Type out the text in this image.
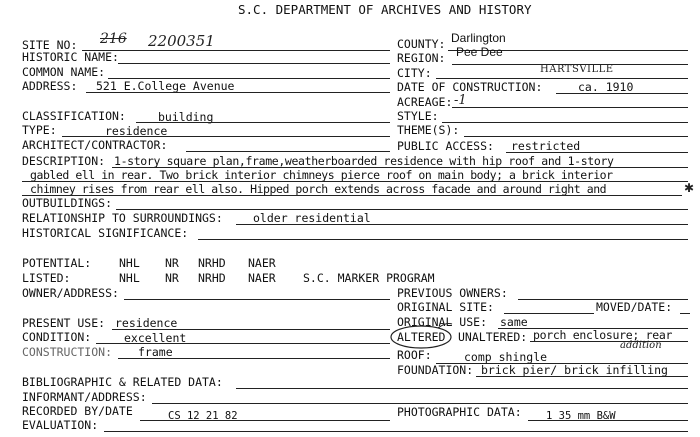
S.C. DEPARTMENT OF ARCHIVES AND HISTORY
SITE NO: 216 2200351
HISTORIC NAME:
COMMON NAME:
ADDRESS: 521 E.College Avenue
CLASSIFICATION:	building
TYPE:	residence
ARCHITECT/CONTRACTOR:
DESCRIPTION: 1-story square plan,frame,weatherboarded residence with hip roof and 1-story
gabled ell in rear. Two brick interior chimneys pierce roof on main body; a brick interior
chimney rises from rear ell also. Hipped porch extends across facade and around right and	✱
OUTBUILDINGS:
RELATIONSHIP TO SURROUNDINGS:	older residential
HISTORICAL SIGNIFICANCE:
POTENTIAL: NHL NR NRHD NAER
LISTED:	NHL NR NRHD NAER S.C. MARKER PROGRAM
OWNER/ADDRESS:
PRESENT USE: residence
CONDITION:	excellent
CONSTRUCTION: frame
BIBLIOGRAPHIC & RELATED DATA:
INFORMANT/ADDRESS:
RECORDED BY/DATE	CS 12 21 82
EVALUATION:
COUNTY: Darlington
REGION: Pee Dee
CITY:	HARTSVILLE
DATE OF CONSTRUCTION:	ca. 1910
ACREAGE: -1
STYLE:
THEME(S):
PUBLIC ACCESS: restricted
PREVIOUS OWNERS:
ORIGINAL SITE:	MOVED/DATE:
ORIGINAL USE: same
ALTERED UNALTERED: porch enclosure; rear
addition
ROOF:	comp shingle
FOUNDATION: brick pier/ brick infilling
PHOTOGRAPHIC DATA: 1 35 mm B&W
